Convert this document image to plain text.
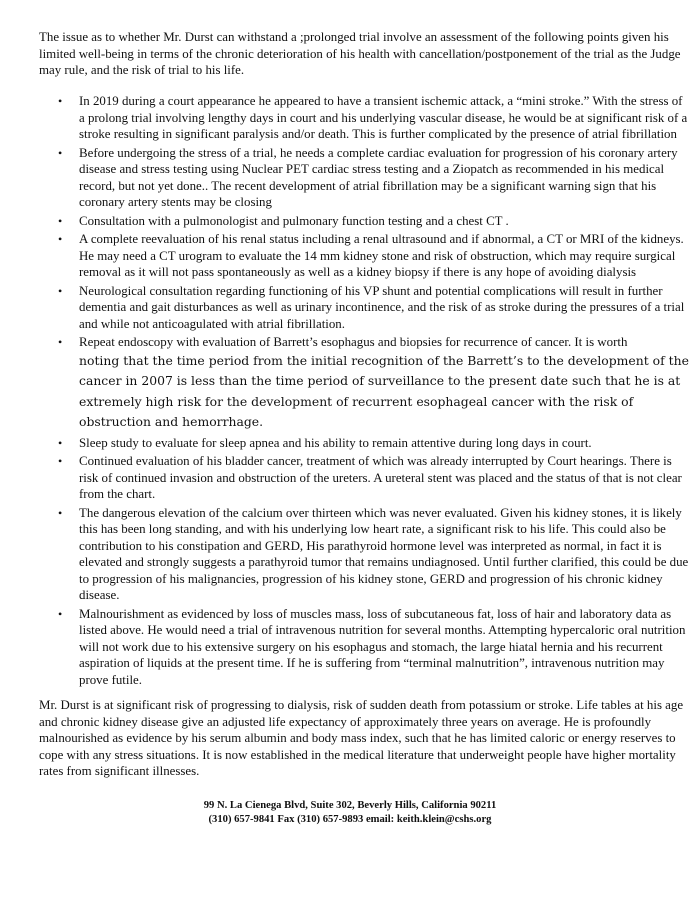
The issue as to whether Mr. Durst can withstand a ;prolonged trial involve an assessment of the following points given his limited well-being in terms of the chronic deterioration of his health with cancellation/postponement of the trial as the Judge may rule, and the risk of trial to his life.

• In 2019 during a court appearance he appeared to have a transient ischemic attack, a “mini stroke.” With the stress of a prolong trial involving lengthy days in court and his underlying vascular disease, he would be at significant risk of a stroke resulting in significant paralysis and/or death. This is further complicated by the presence of atrial fibrillation
• Before undergoing the stress of a trial, he needs a complete cardiac evaluation for progression of his coronary artery disease and stress testing using Nuclear PET cardiac stress testing and a Ziopatch as recommended in his medical record, but not yet done.. The recent development of atrial fibrillation may be a significant warning sign that his coronary artery stents may be closing
• Consultation with a pulmonologist and pulmonary function testing and a chest CT .
• A complete reevaluation of his renal status including a renal ultrasound and if abnormal, a CT or MRI of the kidneys. He may need a CT urogram to evaluate the 14 mm kidney stone and risk of obstruction, which may require surgical removal as it will not pass spontaneously as well as a kidney biopsy if there is any hope of avoiding dialysis
• Neurological consultation regarding functioning of his VP shunt and potential complications will result in further dementia and gait disturbances as well as urinary incontinence, and the risk of as stroke during the pressures of a trial and while not anticoagulated with atrial fibrillation.
• Repeat endoscopy with evaluation of Barrett’s esophagus and biopsies for recurrence of cancer. It is worth
noting that the time period from the initial recognition of the Barrett’s to the development of the cancer in 2007 is less than the time period of surveillance to the present date such that he is at extremely high risk for the development of recurrent esophageal cancer with the risk of obstruction and hemorrhage.
• Sleep study to evaluate for sleep apnea and his ability to remain attentive during long days in court.
• Continued evaluation of his bladder cancer, treatment of which was already interrupted by Court hearings. There is risk of continued invasion and obstruction of the ureters. A ureteral stent was placed and the status of that is not clear from the chart.
• The dangerous elevation of the calcium over thirteen which was never evaluated. Given his kidney stones, it is likely this has been long standing, and with his underlying low heart rate, a significant risk to his life. This could also be contribution to his constipation and GERD, His parathyroid hormone level was interpreted as normal, in fact it is elevated and strongly suggests a parathyroid tumor that remains undiagnosed. Until further clarified, this could be due to progression of his malignancies, progression of his kidney stone, GERD and progression of his chronic kidney disease.
• Malnourishment as evidenced by loss of muscles mass, loss of subcutaneous fat, loss of hair and laboratory data as listed above. He would need a trial of intravenous nutrition for several months. Attempting hypercaloric oral nutrition will not work due to his extensive surgery on his esophagus and stomach, the large hiatal hernia and his recurrent aspiration of liquids at the present time. If he is suffering from “terminal malnutrition”, intravenous nutrition may prove futile.

Mr. Durst is at significant risk of progressing to dialysis, risk of sudden death from potassium or stroke. Life tables at his age and chronic kidney disease give an adjusted life expectancy of approximately three years on average. He is profoundly malnourished as evidence by his serum albumin and body mass index, such that he has limited caloric or energy reserves to cope with any stress situations. It is now established in the medical literature that underweight people have higher mortality rates from significant illnesses.

99 N. La Cienega Blvd, Suite 302, Beverly Hills, California 90211
(310) 657-9841 Fax (310) 657-9893 email: keith.klein@cshs.org
